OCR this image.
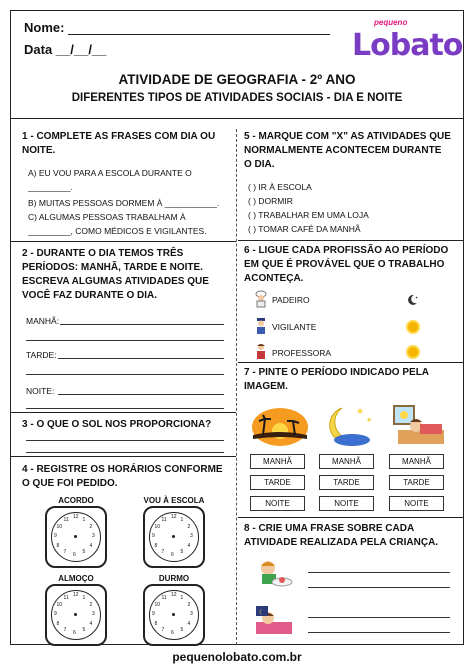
Nome:
Data __/__/__
pequeno
Lobato
ATIVIDADE DE GEOGRAFIA - 2º ANO
DIFERENTES TIPOS DE ATIVIDADES SOCIAIS - DIA E NOITE
1 - COMPLETE AS FRASES COM DIA OU
NOITE.
A) EU VOU PARA A ESCOLA DURANTE O
_________.
B) MUITAS PESSOAS DORMEM À ___________.
C) ALGUMAS PESSOAS TRABALHAM À
_________, COMO MÉDICOS E VIGILANTES.
2 - DURANTE O DIA TEMOS TRÊS
PERÍODOS: MANHÃ, TARDE E NOITE.
ESCREVA ALGUMAS ATIVIDADES QUE
VOCÊ FAZ DURANTE O DIA.
MANHÃ:
TARDE:
NOITE:
3 - O QUE O SOL NOS PROPORCIONA?
4 - REGISTRE OS HORÁRIOS CONFORME
O QUE FOI PEDIDO.
ACORDO	VOU À ESCOLA
ALMOÇO	DURMO
1
2
3
4
5
6
7
8
9
10
11 12	1
2
3
4
5
6
7
8
9
10
11 12
1
2
3
4
5
6
7
8
9
10
11 12	1
2
3
4
5
6
7
8
9
10
11 12
5 - MARQUE COM "X" AS ATIVIDADES QUE
NORMALMENTE ACONTECEM DURANTE
O DIA.
( ) IR À ESCOLA
( ) DORMIR
( ) TRABALHAR EM UMA LOJA
( ) TOMAR CAFÉ DA MANHÃ
6 - LIGUE CADA PROFISSÃO AO PERÍODO
EM QUE É PROVÁVEL QUE O TRABALHO
ACONTEÇA.
PADEIRO
VIGILANTE
PROFESSORA
✦
7 - PINTE O PERÍODO INDICADO PELA
IMAGEM.
★
★
MANHÃ
TARDE
NOITE
MANHÃ
TARDE
NOITE
MANHÃ
TARDE
NOITE
8 - CRIE UMA FRASE SOBRE CADA
ATIVIDADE REALIZADA PELA CRIANÇA.
☾
pequenolobato.com.br
